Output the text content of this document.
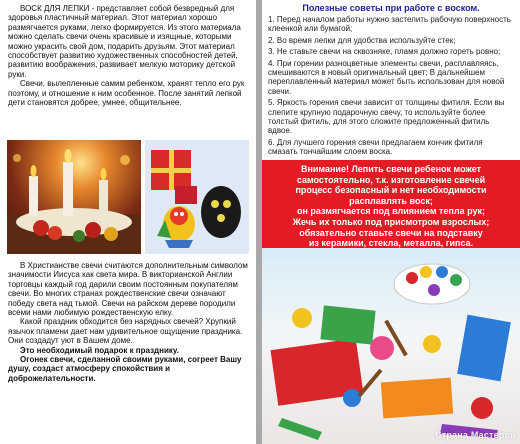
ВОСК ДЛЯ ЛЕПКИ - представляет собой безвредный для здоровья пластичный материал. Этот материал хорошо размягчается руками, легко формируется. Из этого материала можно сделать свечи очень красивые и изящные, которыми можно украсить свой дом, подарить друзьям. Этот материал способствует развитию художественных способностей детей, развитию воображения, развивает мелкую моторику детской руки.

Свечи, вылепленные самим ребенком, хранят тепло его рук поэтому, и отношение к ним особенное. После занятий лепкой дети становятся добрее, умнее, общительнее.

В Христианстве свечи считаются дополнительным символом значимости Иисуса как света мира. В викторианской Англии торговцы каждый год дарили своим постоянным покупателям свечи. Во многих странах рождественские свечи означают победу света над тьмой. Свечи на райском дереве породили всеми нами любимую рождественскую елку.

Какой праздник обходится без нарядных свечей? Хрупкий язычок пламени дает нам удивительное ощущение праздника. Они создадут уют в Вашем доме.

Это необходимый подарок к празднику.

Огонек свечи, сделанной своими руками, согреет Вашу душу, создаст атмосферу спокойствия и доброжелательности.

Полезные советы при работе с воском.

1. Перед началом работы нужно застелить рабочую поверхность клеенкой или бумагой;

2. Во время лепки для удобства используйте стек;

3. Не ставьте свечи на сквозняке, пламя должно гореть ровно;

4. При горении разноцветные элементы свечи, расплавляясь, смешиваются в новый оригинальный цвет; В дальнейшем переплавленный материал может быть использован для новой свечи.

5. Яркость горения свечи зависит от толщины фитиля. Если вы слепите крупную подарочную свечу, то используйте более толстый фитиль, для этого сложите предложенный фитиль вдвое.

6. Для лучшего горения свечи предлагаем кончик фитиля смазать тончайшим слоем воска.

Внимание! Лепить свечи ребенок может
самостоятельно, т.к. изготовление свечей
процесс безопасный и нет необходимости
расплавлять воск;
он размягчается под влиянием тепла рук;
Жечь их только под присмотром взрослых;
обязательно ставьте свечи на подставку
из керамики, стекла, металла, гипса.
Страна Мастеров
